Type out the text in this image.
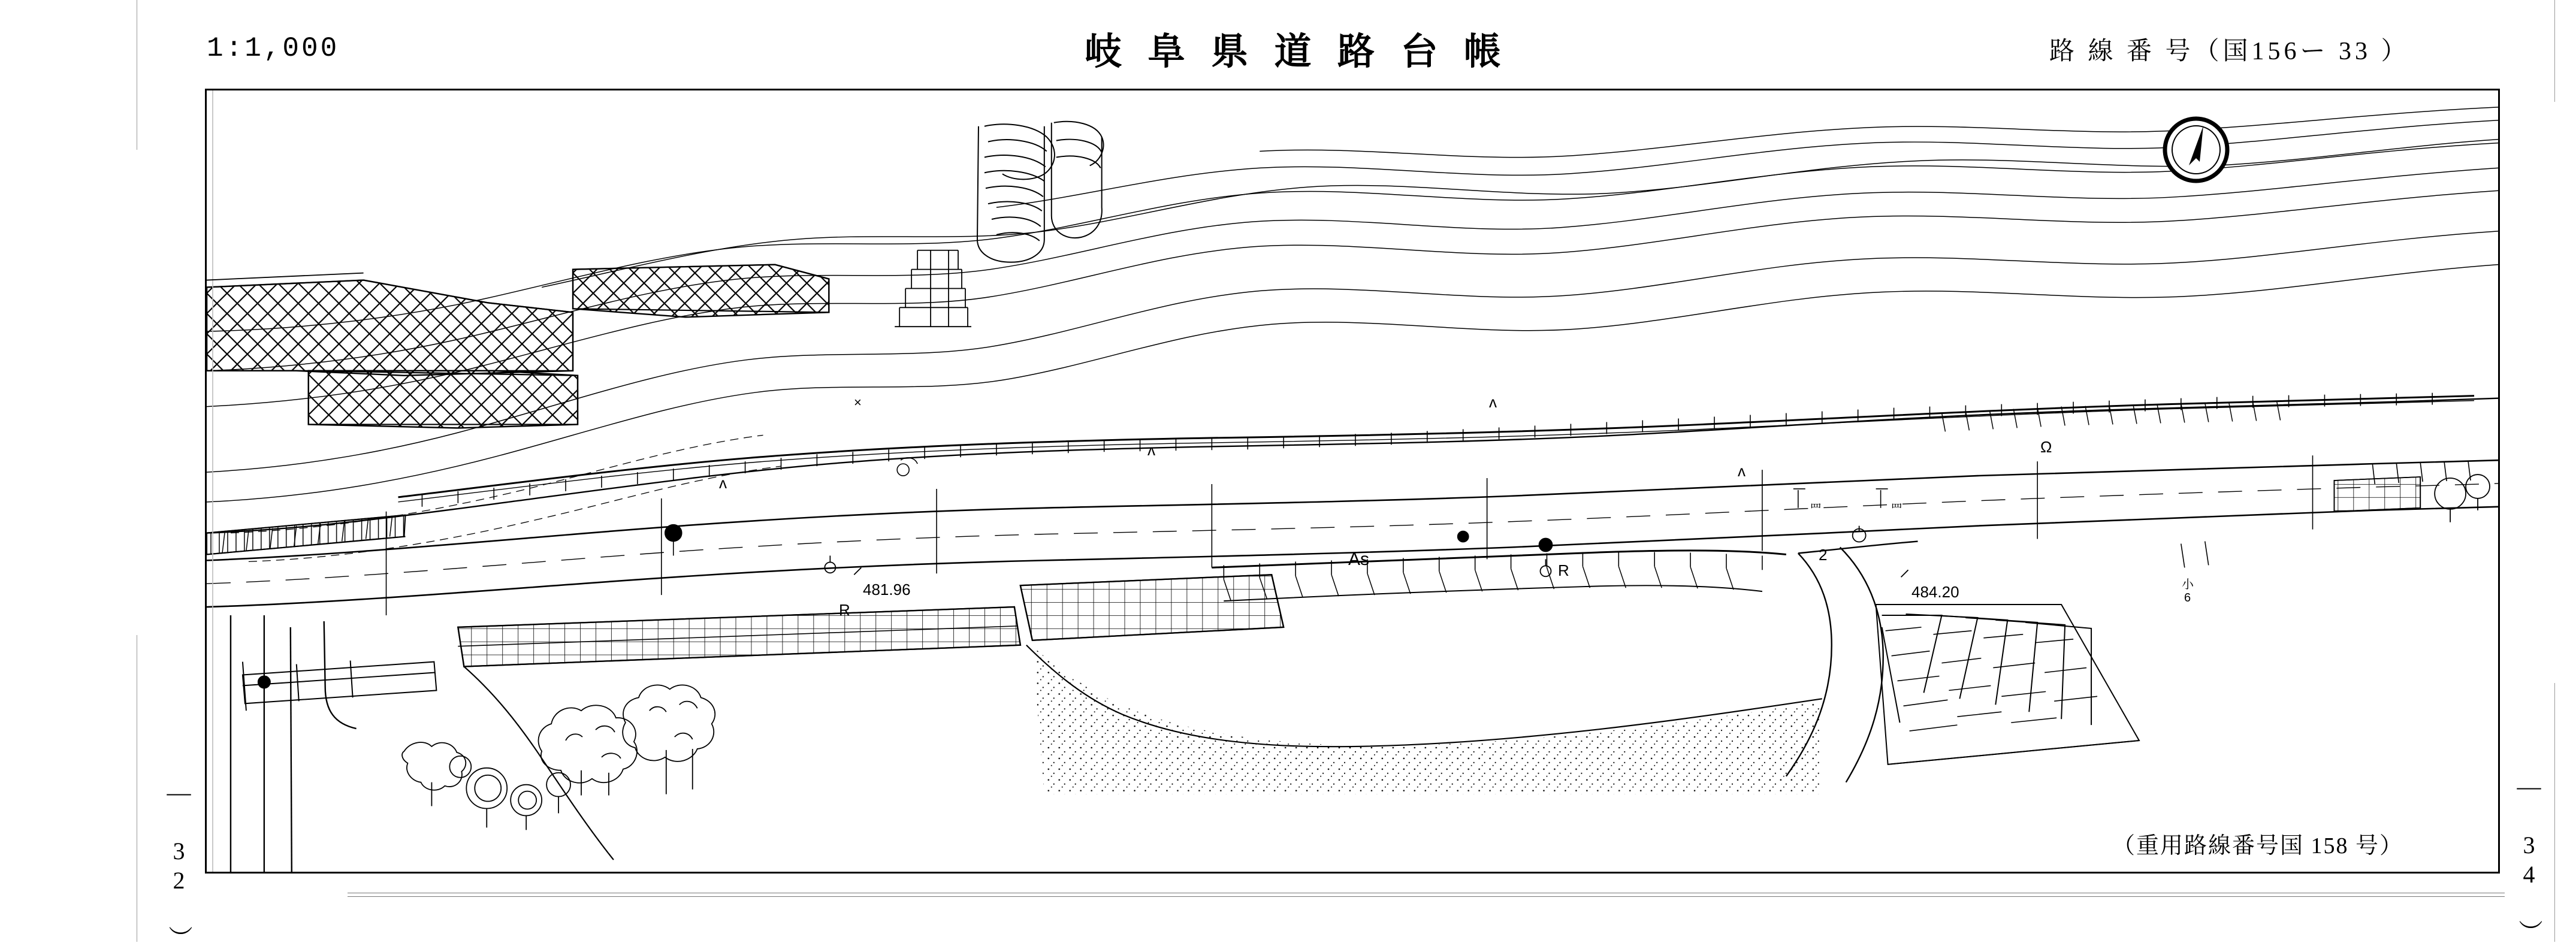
1:1,000	岐 阜 県 道 路 台 帳	路 線 番 号（国156ー 33 ）
— 32 ）	— 34 ）
481.96	484.20
As
R
R
2
小
6
ʌ
ʌ
ʌ
ʌ
Ω
×
罒	罒
（重用路線番号国 158 号）
